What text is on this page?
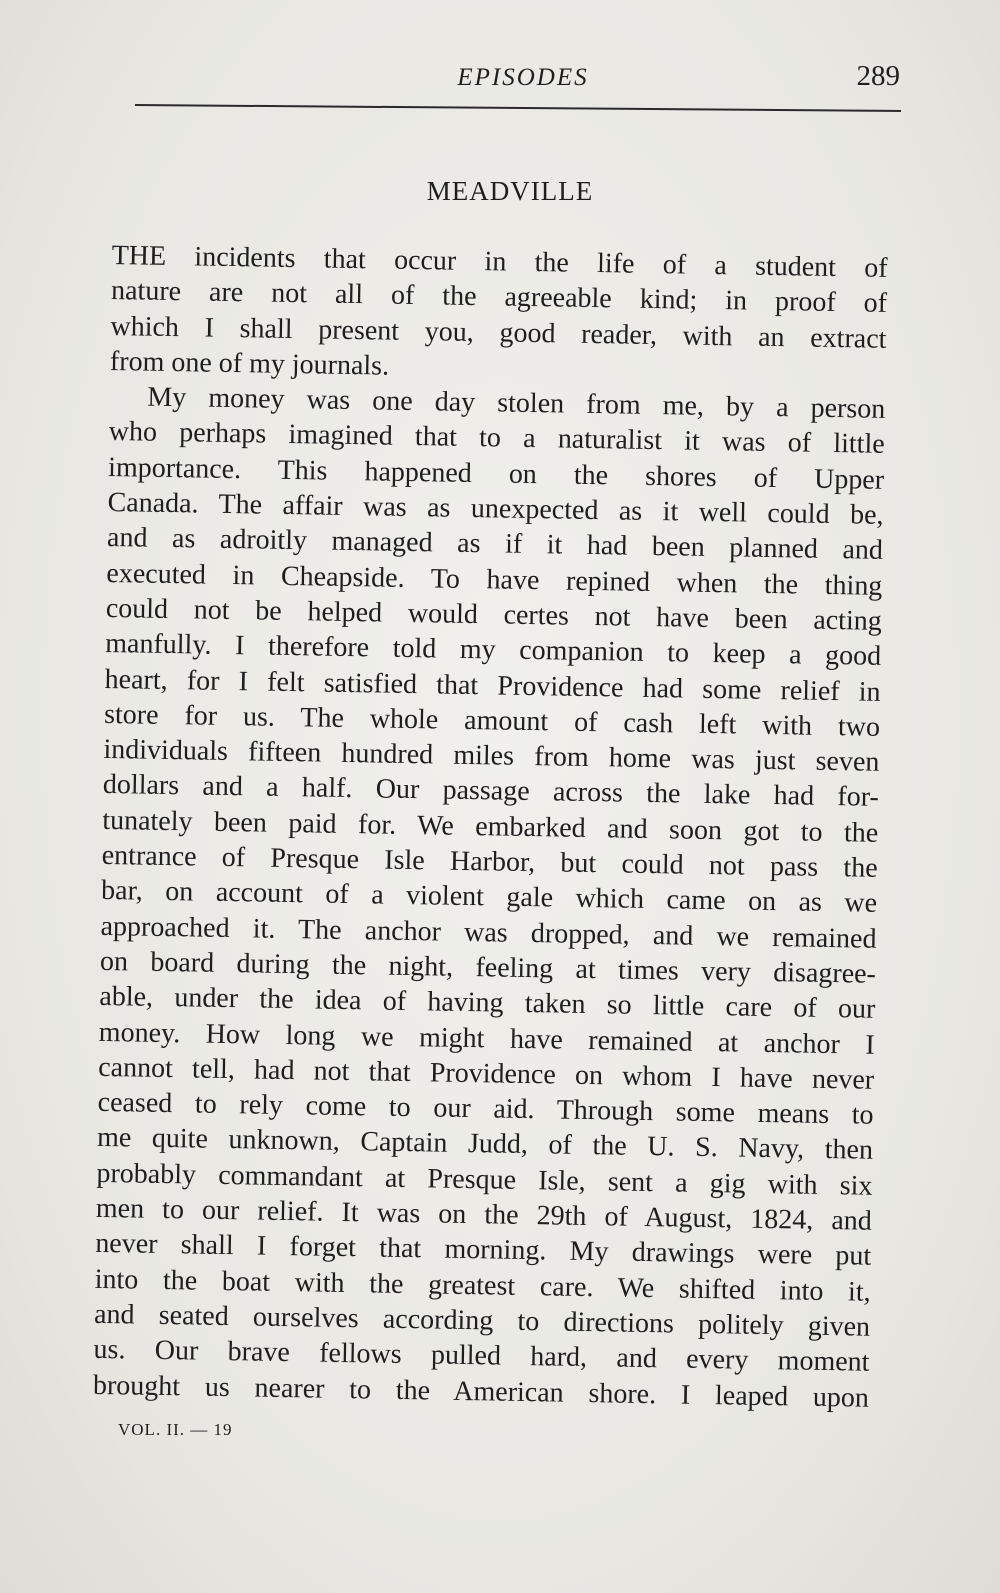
EPISODES	289
MEADVILLE
THE incidents that occur in the life of a student of
nature are not all of the agreeable kind; in proof of
which I shall present you, good reader, with an extract
from one of my journals.
My money was one day stolen from me, by a person
who perhaps imagined that to a naturalist it was of little
importance. This happened on the shores of Upper
Canada. The affair was as unexpected as it well could be,
and as adroitly managed as if it had been planned and
executed in Cheapside. To have repined when the thing
could not be helped would certes not have been acting
manfully. I therefore told my companion to keep a good
heart, for I felt satisfied that Providence had some relief in
store for us. The whole amount of cash left with two
individuals fifteen hundred miles from home was just seven
dollars and a half. Our passage across the lake had for-
tunately been paid for. We embarked and soon got to the
entrance of Presque Isle Harbor, but could not pass the
bar, on account of a violent gale which came on as we
approached it. The anchor was dropped, and we remained
on board during the night, feeling at times very disagree-
able, under the idea of having taken so little care of our
money. How long we might have remained at anchor I
cannot tell, had not that Providence on whom I have never
ceased to rely come to our aid. Through some means to
me quite unknown, Captain Judd, of the U. S. Navy, then
probably commandant at Presque Isle, sent a gig with six
men to our relief. It was on the 29th of August, 1824, and
never shall I forget that morning. My drawings were put
into the boat with the greatest care. We shifted into it,
and seated ourselves according to directions politely given
us. Our brave fellows pulled hard, and every moment
brought us nearer to the American shore. I leaped upon
VOL. II. — 19
